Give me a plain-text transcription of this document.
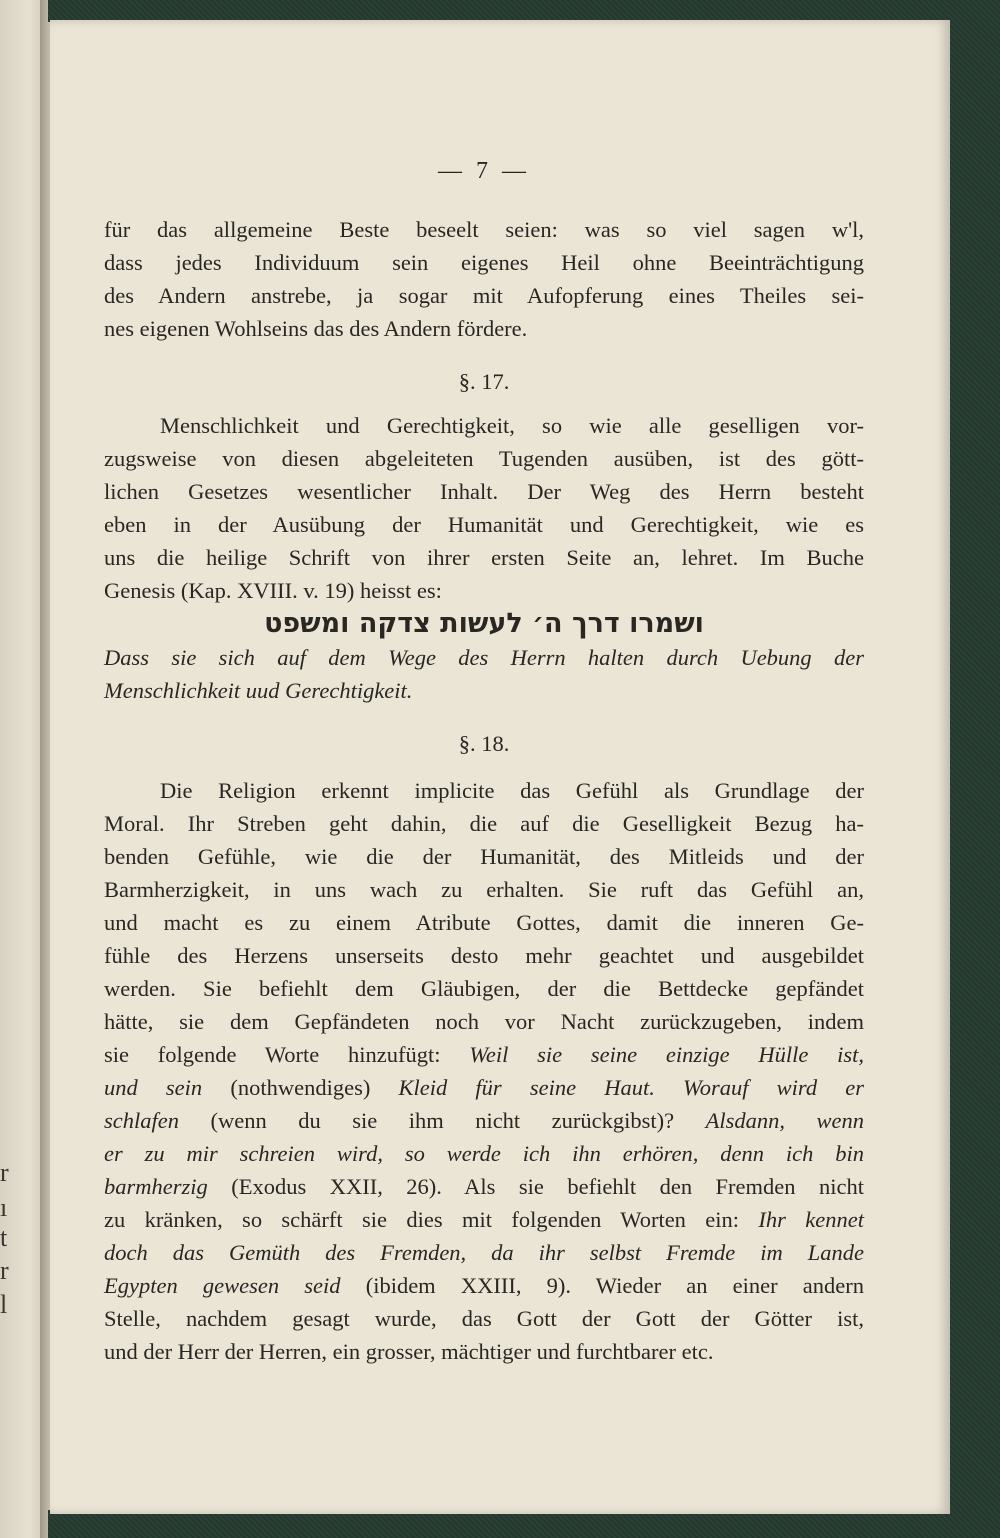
r
ı
t
r
l
— 7 —
für das allgemeine Beste beseelt seien: was so viel sagen w'l,
dass jedes Individuum sein eigenes Heil ohne Beeinträchtigung
des Andern anstrebe, ja sogar mit Aufopferung eines Theiles sei-
nes eigenen Wohlseins das des Andern fördere.
§. 17.
Menschlichkeit und Gerechtigkeit, so wie alle geselligen vor-
zugsweise von diesen abgeleiteten Tugenden ausüben, ist des gött-
lichen Gesetzes wesentlicher Inhalt. Der Weg des Herrn besteht
eben in der Ausübung der Humanität und Gerechtigkeit, wie es
uns die heilige Schrift von ihrer ersten Seite an, lehret. Im Buche
Genesis (Kap. XVIII. v. 19) heisst es:
ושמרו דרך ה׳ לעשות צדקה ומשפט
Dass sie sich auf dem Wege des Herrn halten durch Uebung der
Menschlichkeit uud Gerechtigkeit.
§. 18.
Die Religion erkennt implicite das Gefühl als Grundlage der
Moral. Ihr Streben geht dahin, die auf die Geselligkeit Bezug ha-
benden Gefühle, wie die der Humanität, des Mitleids und der
Barmherzigkeit, in uns wach zu erhalten. Sie ruft das Gefühl an,
und macht es zu einem Atribute Gottes, damit die inneren Ge-
fühle des Herzens unserseits desto mehr geachtet und ausgebildet
werden. Sie befiehlt dem Gläubigen, der die Bettdecke gepfändet
hätte, sie dem Gepfändeten noch vor Nacht zurückzugeben, indem
sie folgende Worte hinzufügt: Weil sie seine einzige Hülle ist,
und sein (nothwendiges) Kleid für seine Haut. Worauf wird er
schlafen (wenn du sie ihm nicht zurückgibst)? Alsdann, wenn
er zu mir schreien wird, so werde ich ihn erhören, denn ich bin
barmherzig (Exodus XXII, 26). Als sie befiehlt den Fremden nicht
zu kränken, so schärft sie dies mit folgenden Worten ein: Ihr kennet
doch das Gemüth des Fremden, da ihr selbst Fremde im Lande
Egypten gewesen seid (ibidem XXIII, 9). Wieder an einer andern
Stelle, nachdem gesagt wurde, das Gott der Gott der Götter ist,
und der Herr der Herren, ein grosser, mächtiger und furchtbarer etc.
